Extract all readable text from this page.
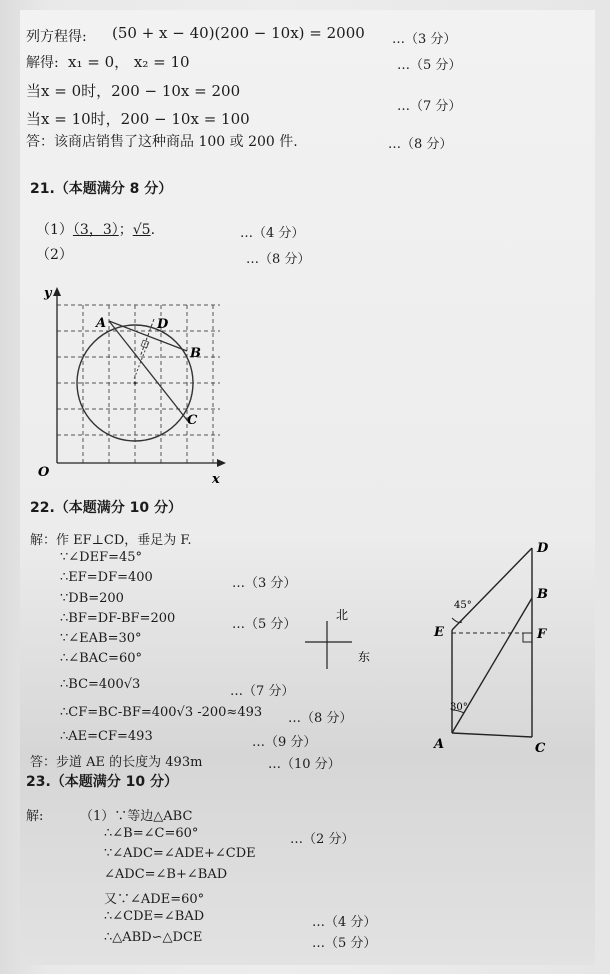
列方程得: (50 + x − 40)(200 − 10x) = 2000 …（3 分）
解得: x₁ = 0， x₂ = 10	…（5 分）
当x = 0时，200 − 10x = 200
…（7 分）
当x = 10时，200 − 10x = 100
答：该商店销售了这种商品 100 或 200 件.	…（8 分）
21.（本题满分 8 分）
（1）（3，3）；√5.	…（4 分）
（2）	…（8 分）
y
x
O
A
B
C
D
22.（本题满分 10 分）
解：作 EF⊥CD，垂足为 F.
∵∠DEF=45°
∴EF=DF=400	…（3 分）
∵DB=200
∴BF=DF-BF=200	…（5 分）
∵∠EAB=30°
∴∠BAC=60°
∴BC=400√3	…（7 分）
∴CF=BC-BF=400√3 -200≈493 …（8 分）
∴AE=CF=493	…（9 分）
答：步道 AE 的长度为 493m	…（10 分）
北
东
D
B
E	F
A	C
45°
30°
23.（本题满分 10 分）
解:	（1）∵等边△ABC
∴∠B=∠C=60°	…（2 分）
∵∠ADC=∠ADE+∠CDE
∠ADC=∠B+∠BAD
又∵∠ADE=60°
∴∠CDE=∠BAD	…（4 分）
∴△ABD∽△DCE	…（5 分）
